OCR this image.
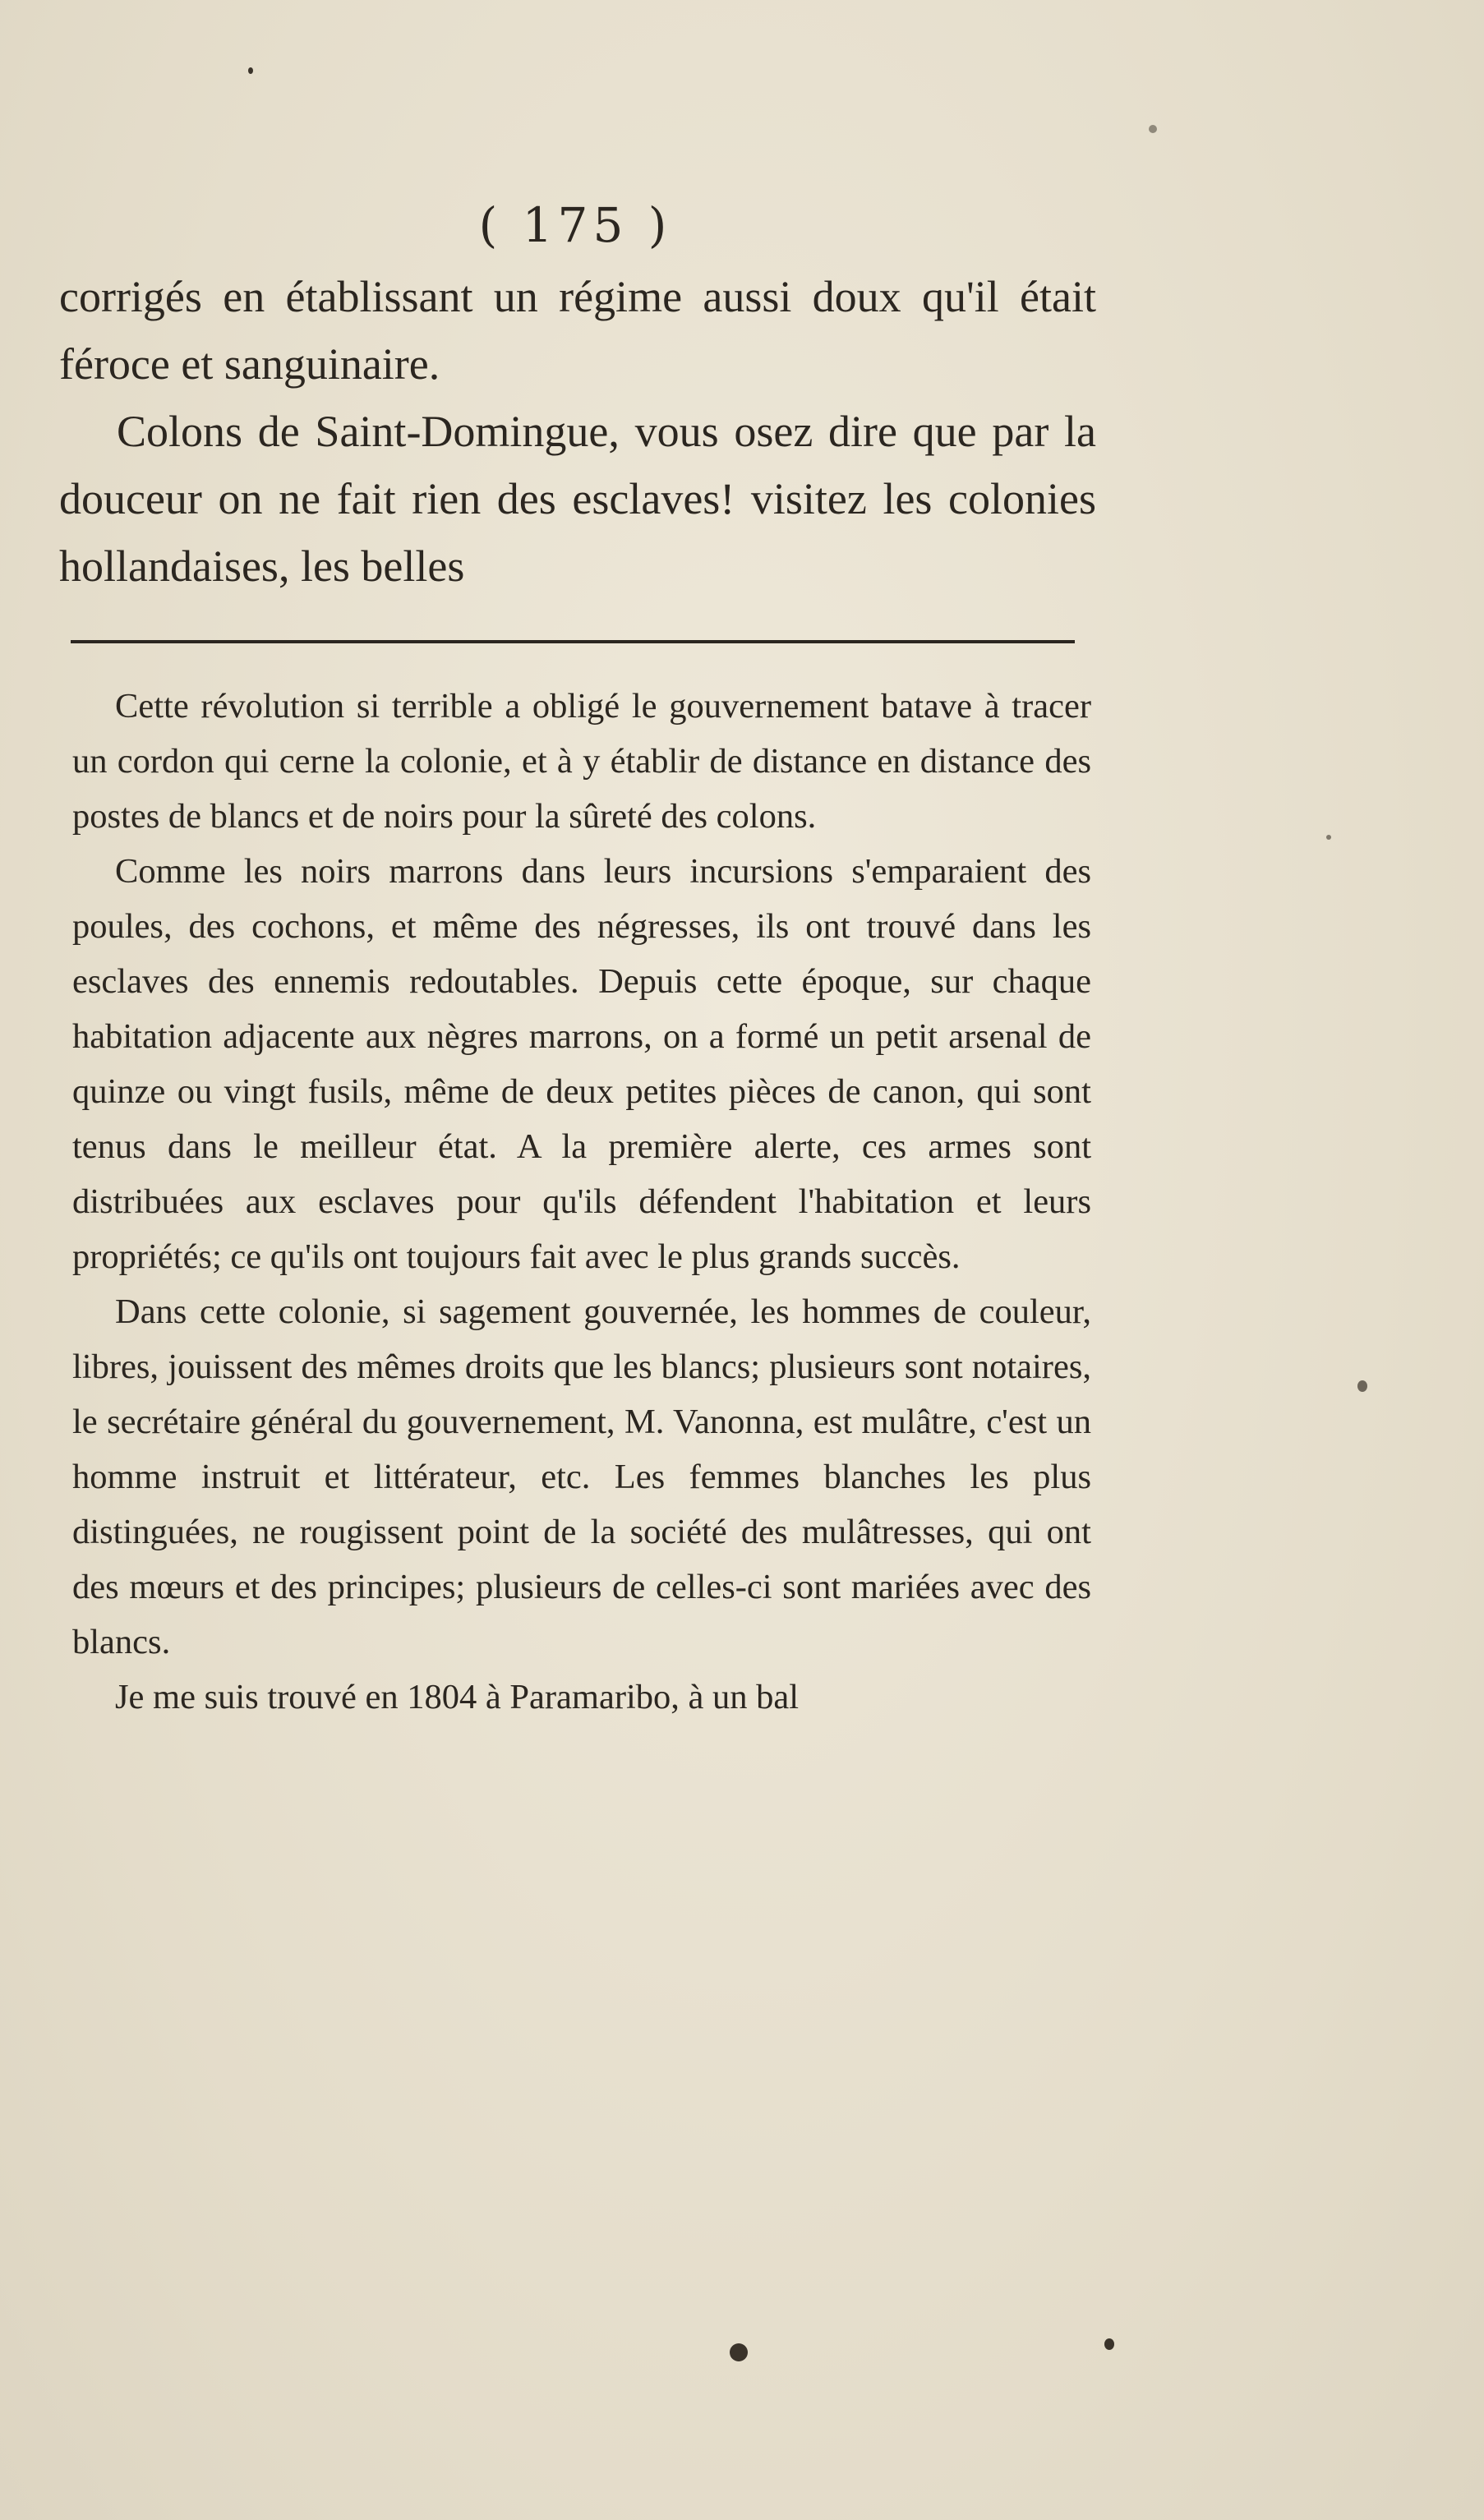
( 175 )

corrigés en établissant un régime aussi doux qu'il était féroce et sanguinaire.

Colons de Saint-Domingue, vous osez dire que par la douceur on ne fait rien des esclaves! visitez les colonies hollandaises, les belles

Cette révolution si terrible a obligé le gouvernement batave à tracer un cordon qui cerne la colonie, et à y établir de distance en distance des postes de blancs et de noirs pour la sûreté des colons.

Comme les noirs marrons dans leurs incursions s'emparaient des poules, des cochons, et même des négresses, ils ont trouvé dans les esclaves des ennemis redoutables. Depuis cette époque, sur chaque habitation adjacente aux nègres marrons, on a formé un petit arsenal de quinze ou vingt fusils, même de deux petites pièces de canon, qui sont tenus dans le meilleur état. A la première alerte, ces armes sont distribuées aux esclaves pour qu'ils défendent l'habitation et leurs propriétés; ce qu'ils ont toujours fait avec le plus grands succès.

Dans cette colonie, si sagement gouvernée, les hommes de couleur, libres, jouissent des mêmes droits que les blancs; plusieurs sont notaires, le secrétaire général du gouvernement, M. Vanonna, est mulâtre, c'est un homme instruit et littérateur, etc. Les femmes blanches les plus distinguées, ne rougissent point de la société des mulâtresses, qui ont des mœurs et des principes; plusieurs de celles-ci sont mariées avec des blancs.

Je me suis trouvé en 1804 à Paramaribo, à un bal
